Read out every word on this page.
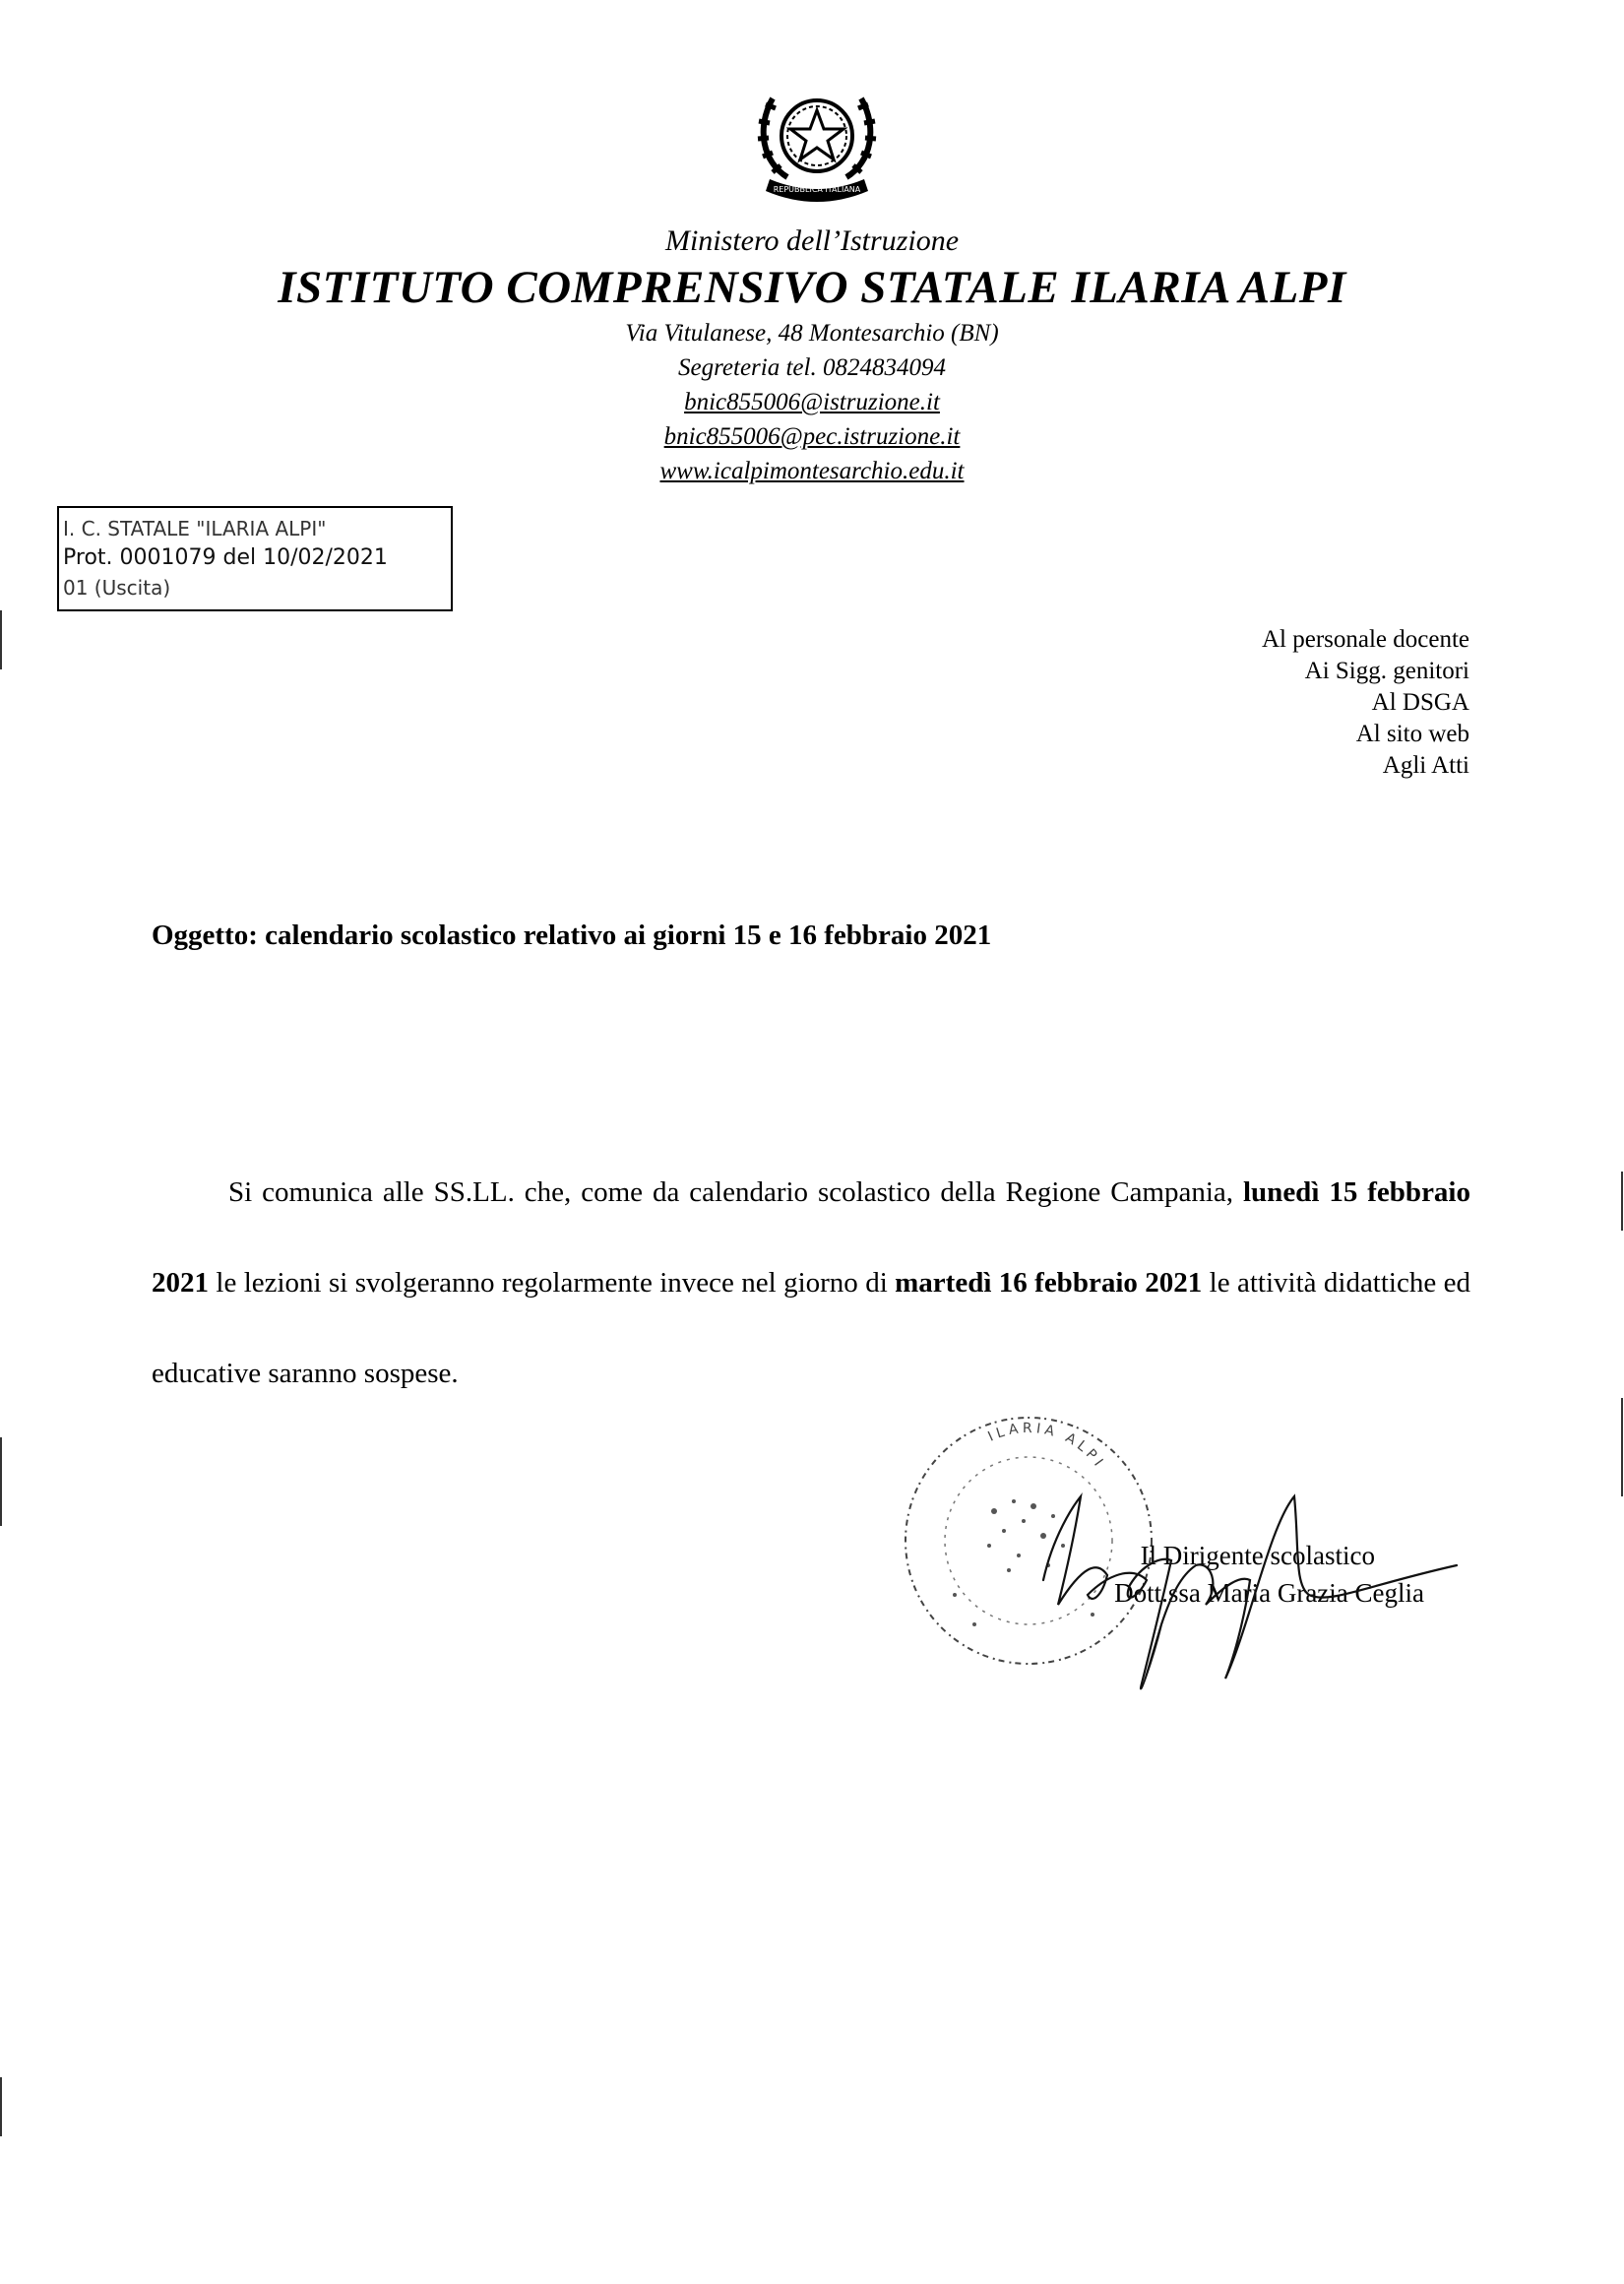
REPUBBLICA ITALIANA
Ministero dell’Istruzione
ISTITUTO COMPRENSIVO STATALE ILARIA ALPI
Via Vitulanese, 48 Montesarchio (BN)
Segreteria tel. 0824834094
bnic855006@istruzione.it
bnic855006@pec.istruzione.it
www.icalpimontesarchio.edu.it
I. C. STATALE "ILARIA ALPI"
Prot. 0001079 del 10/02/2021
01 (Uscita)
Al personale docente
Ai Sigg. genitori
Al DSGA
Al sito web
Agli Atti
Oggetto: calendario scolastico relativo ai giorni 15 e 16 febbraio 2021
Si comunica alle SS.LL. che, come da calendario scolastico della Regione Campania, lunedì 15 febbraio 2021 le lezioni si svolgeranno regolarmente invece nel giorno di martedì 16 febbraio 2021 le attività didattiche ed educative saranno sospese.
ILARIA ALPI
Il Dirigente scolastico
Dott.ssa Maria Grazia Ceglia
